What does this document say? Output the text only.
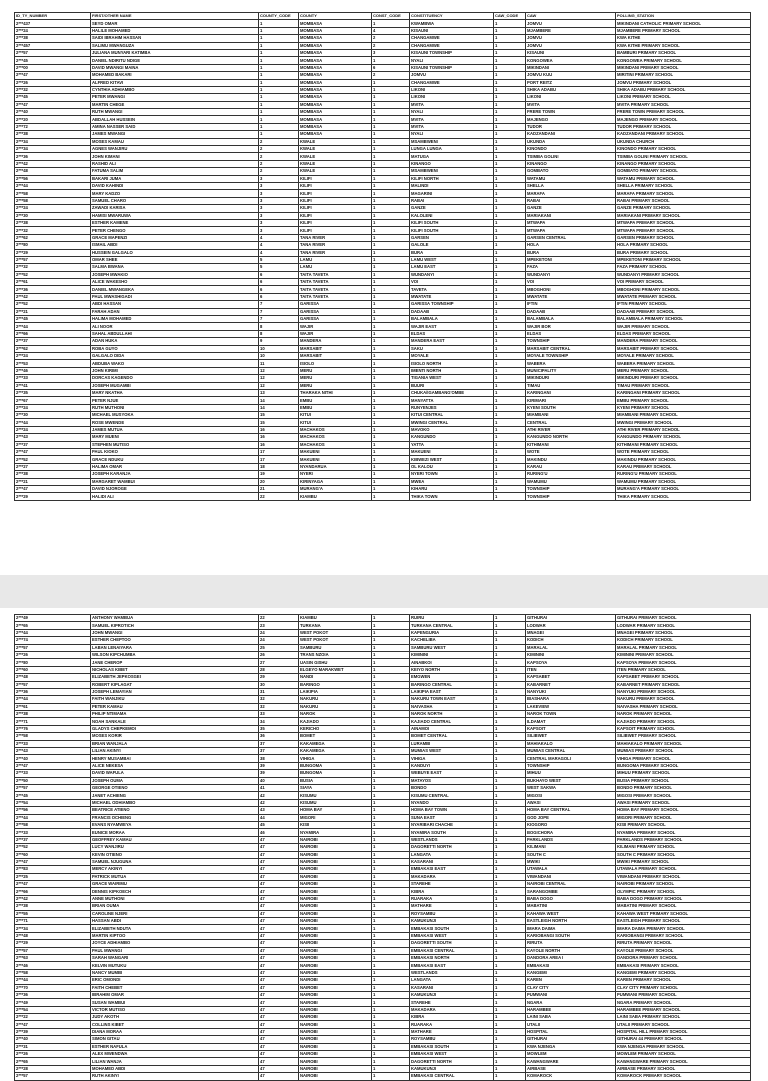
ID_TY_NUMBER	FIRST/OTHER NAME	COUNTY_CODE	COUNTY	CONST_CODE	CONSTITUENCY	CAW_CODE	CAW	POLLING_STATION
2***437	SEYD OMAR	1	MOMBASA	1	KWAMBWA	1	JOMVU	MIKINDANI CATHOLIC PRIMARY SCHOOL
2***24	HALILE MOHAMED	1	MOMBASA	4	KISAUNI	1	MJAMBERE	MJAMBERE PRIMARY SCHOOL
2***38	SAIDI IBRAHIM HASSAN	1	MOMBASA	2	CHANGAMWE	1	JOMVU	KWA KITHE
2***457	SALIMU MWANGUZA	1	MOMBASA	2	CHANGAMWE	1	JOMVU	KWA KITHE PRIMARY SCHOOL
2***57	JULIANA MUNYARI KATIMBA	1	MOMBASA	3	KISAUNI TOWNSHIP	1	KISAUNI	BAMBURI PRIMARY SCHOOL
2***45	DANIEL NDIRITU NDIGE	1	MOMBASA	1	NYALI	1	KONGOWEA	KONGOWEA PRIMARY SCHOOL
2***00	DAVID MWANGI MAINA	1	MOMBASA	6	KISAUNI TOWNSHIP	1	MIKINDANI	MIKINDANI PRIMARY SCHOOL
2***47	MOHAMED BAKARI	1	MOMBASA	2	JOMVU	1	JOMVU KUU	MIRITINI PRIMARY SCHOOL
2***26	ALFRED KITAVI	1	MOMBASA	1	CHANGAMWE	1	PORT REITZ	JOMVU PRIMARY SCHOOL
2***32	CYNTHIA ADHIAMBO	1	MOMBASA	1	LIKONI	1	SHIKA ADABU	SHIKA ADABU PRIMARY SCHOOL
2***45	PETER MWANGI	1	MOMBASA	1	LIKONI	1	LIKONI	LIKONI PRIMARY SCHOOL
2***47	MARTIN CHEGE	1	MOMBASA	1	MVITA	1	MVITA	MVITA PRIMARY SCHOOL
2***40	RUTH MWANGI	1	MOMBASA	1	NYALI	1	FRERE TOWN	FRERE TOWN PRIMARY SCHOOL
2***20	ABDALLAH HUSSEIN	1	MOMBASA	1	MVITA	1	MAJENGO	MAJENGO PRIMARY SCHOOL
2***72	AMINA NASSER SAID	1	MOMBASA	1	MVITA	1	TUDOR	TUDOR PRIMARY SCHOOL
2***38	JAMES MWANGI	1	MOMBASA	1	NYALI	1	KADZANDANI	KADZANDANI PRIMARY SCHOOL
2***34	MOSES KAMAU	2	KWALE	1	MSAMBWENI	1	UKUNDA	UKUNDA CHURCH
2***34	AGNES WANJIRU	2	KWALE	1	LUNGA LUNGA	1	KINONDO	KINONDO PRIMARY SCHOOL
2***36	JOHN KIMANI	2	KWALE	1	MATUGA	1	TSIMBA GOLINI	TSIMBA GOLINI PRIMARY SCHOOL
2***42	RASHID ALI	2	KWALE	1	KINANGO	1	KINANGO	KINANGO PRIMARY SCHOOL
2***48	FATUMA SALIM	2	KWALE	1	MSAMBWENI	1	GOMBATO	GOMBATO PRIMARY SCHOOL
2***56	BAKARI JUMA	3	KILIFI	1	KILIFI NORTH	1	WATAMU	WATAMU PRIMARY SCHOOL
2***44	DAVID KAHINDI	3	KILIFI	1	MALINDI	1	SHELLA	SHELLA PRIMARY SCHOOL
2***58	MARY KADZO	3	KILIFI	1	MAGARINI	1	MARAFA	MARAFA PRIMARY SCHOOL
2***58	SAMUEL CHARO	3	KILIFI	1	RABAI	1	RABAI	RABAI PRIMARY SCHOOL
2***24	ZAWADI KARISA	3	KILIFI	1	GANZE	1	GANZE	GANZE PRIMARY SCHOOL
2***30	HAMISI MWARUWA	3	KILIFI	1	KALOLENI	1	MARIAKANI	MARIAKANI PRIMARY SCHOOL
2***38	ESTHER KAMENE	3	KILIFI	1	KILIFI SOUTH	1	MTWAPA	MTWAPA PRIMARY SCHOOL
2***32	PETER CHENGO	3	KILIFI	1	KILIFI SOUTH	1	MTWAPA	MTWAPA PRIMARY SCHOOL
2***62	GRACE MAPENZI	4	TANA RIVER	1	GARSEN	1	GARSEN CENTRAL	GARSEN PRIMARY SCHOOL
2***80	ISMAIL ABDI	4	TANA RIVER	1	GALOLE	1	HOLA	HOLA PRIMARY SCHOOL
2***29	HUSSEIN GALGALO	4	TANA RIVER	1	BURA	1	BURA	BURA PRIMARY SCHOOL
2***57	OMAR SHEE	5	LAMU	1	LAMU WEST	1	MPEKETONI	MPEKETONI PRIMARY SCHOOL
2***32	SALMA BWANA	5	LAMU	1	LAMU EAST	1	FAZA	FAZA PRIMARY SCHOOL
2***52	JOSEPH MWAKIO	6	TAITA TAVETA	1	WUNDANYI	1	WUNDANYI	WUNDANYI PRIMARY SCHOOL
2***61	ALICE WAKESHO	6	TAITA TAVETA	1	VOI	1	VOI	VOI PRIMARY SCHOOL
2***36	DANIEL MWANGEKA	6	TAITA TAVETA	1	TAVETA	1	MBOGHONI	MBOGHONI PRIMARY SCHOOL
2***42	PAUL MWASHIGADI	6	TAITA TAVETA	1	MWATATE	1	MWATATE	MWATATE PRIMARY SCHOOL
2***52	ABDI HASSAN	7	GARISSA	1	GARISSA TOWNSHIP	1	IFTIN	IFTIN PRIMARY SCHOOL
2***21	FARAH ADAN	7	GARISSA	1	DADAAB	1	DADAAB	DADAAB PRIMARY SCHOOL
2***45	HALIMA MOHAMED	7	GARISSA	1	BALAMBALA	1	BALAMBALA	BALAMBALA PRIMARY SCHOOL
2***44	ALI NOOR	8	WAJIR	1	WAJIR EAST	1	WAJIR BOR	WAJIR PRIMARY SCHOOL
2***66	SAHAL ABDULLAHI	8	WAJIR	1	ELDAS	1	ELDAS	ELDAS PRIMARY SCHOOL
2***37	ADAN HUKA	9	MANDERA	1	MANDERA EAST	1	TOWNSHIP	MANDERA PRIMARY SCHOOL
2***62	ROBA GUYO	10	MARSABIT	1	SAKU	1	MARSABIT CENTRAL	MARSABIT PRIMARY SCHOOL
2***24	GALGALO DIDA	10	MARSABIT	1	MOYALE	1	MOYALE TOWNSHIP	MOYALE PRIMARY SCHOOL
2***53	ABDUBA WAKO	11	ISIOLO	1	ISIOLO NORTH	1	WABERA	WABERA PRIMARY SCHOOL
2***46	JOHN KIRIMI	12	MERU	1	IMENTI NORTH	1	MUNICIPALITY	MERU PRIMARY SCHOOL
2***33	DORCAS KAGENDO	12	MERU	1	TIGANIA WEST	1	MIKINDURI	MIKINDURI PRIMARY SCHOOL
2***41	JOSEPH MUGAMBI	12	MERU	1	BUURI	1	TIMAU	TIMAU PRIMARY SCHOOL
2***35	MARY NKATHA	13	THARAKA NITHI	1	CHUKA/IGAMBANG'OMBE	1	KARINGANI	KARINGANI PRIMARY SCHOOL
2***67	PETER NJUE	14	EMBU	1	MANYATTA	1	KIRIMARI	EMBU PRIMARY SCHOOL
2***24	RUTH MUTHONI	14	EMBU	1	RUNYENJES	1	KYENI SOUTH	KYENI PRIMARY SCHOOL
2***30	MICHAEL MUSYOKA	15	KITUI	1	KITUI CENTRAL	1	MIAMBANI	MIAMBANI PRIMARY SCHOOL
2***44	ROSE MWENDE	15	KITUI	1	MWINGI CENTRAL	1	CENTRAL	MWINGI PRIMARY SCHOOL
2***24	JAMES MUTUA	16	MACHAKOS	1	MAVOKO	1	ATHI RIVER	ATHI RIVER PRIMARY SCHOOL
2***43	MARY MUENI	16	MACHAKOS	1	KANGUNDO	1	KANGUNDO NORTH	KANGUNDO PRIMARY SCHOOL
2***37	STEPHEN MUTISO	16	MACHAKOS	1	YATTA	1	KITHIMANI	KITHIMANI PRIMARY SCHOOL
2***47	PAUL KIOKO	17	MAKUENI	1	MAKUENI	1	WOTE	WOTE PRIMARY SCHOOL
2***52	GRACE NDUKU	17	MAKUENI	1	KIBWEZI WEST	1	MAKINDU	MAKINDU PRIMARY SCHOOL
2***27	HALIMA OMAR	18	NYANDARUA	1	OL KALOU	1	KARAU	KARAU PRIMARY SCHOOL
2***38	JOSEPH KARANJA	19	NYERI	1	NYERI TOWN	1	RURING'U	RURING'U PRIMARY SCHOOL
2***21	MARGARET WAMBUI	20	KIRINYAGA	1	MWEA	1	WAMUMU	WAMUMU PRIMARY SCHOOL
2***47	DAVID NJOROGE	21	MURANG'A	1	KIHARU	1	TOWNSHIP	MURANG'A PRIMARY SCHOOL
2***29	HALIDI ALI	22	KIAMBU	1	THIKA TOWN	1	TOWNSHIP	THIKA PRIMARY SCHOOL
2***49	ANTHONY WAMBUA	22	KIAMBU	1	RUIRU	1	GITHURAI	GITHURAI PRIMARY SCHOOL
2***65	SAMUEL KIPROTICH	23	TURKANA	1	TURKANA CENTRAL	1	LODWAR	LODWAR PRIMARY SCHOOL
2***44	JOHN MWANGI	24	WEST POKOT	1	KAPENGURIA	1	MNAGEI	MNAGEI PRIMARY SCHOOL
2***74	ESTHER CHEPTOO	24	WEST POKOT	1	KACHELIBA	1	KODICH	KODICH PRIMARY SCHOOL
2***57	LABAN LENAIYARA	25	SAMBURU	1	SAMBURU WEST	1	MARALAL	MARALAL PRIMARY SCHOOL
2***26	WILSON KIPCHUMBA	26	TRANS NZOIA	1	KIMININI	1	KIMININI	KIMININI PRIMARY SCHOOL
2***80	JANE CHEROP	27	UASIN GISHU	1	AINABKOI	1	KAPSOYA	KAPSOYA PRIMARY SCHOOL
2***60	NICHOLAS KIBET	28	ELGEYO MARAKWET	1	KEIYO NORTH	1	ITEN	ITEN PRIMARY SCHOOL
2***48	ELIZABETH JEPKOSGEI	29	NANDI	1	EMGWEN	1	KAPSABET	KAPSABET PRIMARY SCHOOL
2***57	ROBERT KIPLAGAT	30	BARINGO	1	BARINGO CENTRAL	1	KABARNET	KABARNET PRIMARY SCHOOL
2***36	JOSEPH LEMAYIAN	31	LAIKIPIA	1	LAIKIPIA EAST	1	NANYUKI	NANYUKI PRIMARY SCHOOL
2***44	FAITH WANJIKU	32	NAKURU	1	NAKURU TOWN EAST	1	BIASHARA	NAKURU PRIMARY SCHOOL
2***61	PETER KAMAU	32	NAKURU	1	NAIVASHA	1	LAKEVIEW	NAIVASHA PRIMARY SCHOOL
2***38	PHILIP NTIMAMA	33	NAROK	1	NAROK NORTH	1	NAROK TOWN	NAROK PRIMARY SCHOOL
2***71	NOAH SANKALE	34	KAJIADO	1	KAJIADO CENTRAL	1	ILDAMAT	KAJIADO PRIMARY SCHOOL
2***76	GLADYS CHEPKEMOI	35	KERICHO	1	AINAMOI	1	KAPSOIT	KAPSOIT PRIMARY SCHOOL
2***58	MOSES KORIR	36	BOMET	1	BOMET CENTRAL	1	SILIBWET	SILIBWET PRIMARY SCHOOL
2***33	BRIAN WANJALA	37	KAKAMEGA	1	LURAMBI	1	MAHIAKALO	MAHIAKALO PRIMARY SCHOOL
2***43	LILIAN AKINYI	37	KAKAMEGA	1	MUMIAS WEST	1	MUMIAS CENTRAL	MUMIAS PRIMARY SCHOOL
2***40	HENRY MUSAMBAI	38	VIHIGA	1	VIHIGA	1	CENTRAL MARAGOLI	VIHIGA PRIMARY SCHOOL
2***47	ALICE NEKESA	39	BUNGOMA	1	KANDUYI	1	TOWNSHIP	BUNGOMA PRIMARY SCHOOL
2***33	DAVID WAFULA	39	BUNGOMA	1	WEBUYE EAST	1	MIHUU	MIHUU PRIMARY SCHOOL
2***50	JOSEPH OUMA	40	BUSIA	1	MATAYOS	1	BUKHAYO WEST	BUSIA PRIMARY SCHOOL
2***57	GEORGE OTIENO	41	SIAYA	1	BONDO	1	WEST SAKWA	BONDO PRIMARY SCHOOL
2***45	JANET ACHIENG	42	KISUMU	1	KISUMU CENTRAL	1	MIGOSI	MIGOSI PRIMARY SCHOOL
2***54	MICHAEL ODHIAMBO	42	KISUMU	1	NYANDO	1	AWASI	AWASI PRIMARY SCHOOL
2***56	BEATRICE ATIENO	43	HOMA BAY	1	HOMA BAY TOWN	1	HOMA BAY CENTRAL	HOMA BAY PRIMARY SCHOOL
2***44	FRANCIS OCHIENG	44	MIGORI	1	SUNA EAST	1	GOD JOPE	MIGORI PRIMARY SCHOOL
2***58	EVANS NYAMWEYA	45	KISII	1	NYARIBARI CHACHE	1	KIOGORO	KISII PRIMARY SCHOOL
2***33	EUNICE MORAA	46	NYAMIRA	1	NYAMIRA SOUTH	1	BOGICHORA	NYAMIRA PRIMARY SCHOOL
2***37	GEOFFREY KAMAU	47	NAIROBI	1	WESTLANDS	1	PARKLANDS	PARKLANDS PRIMARY SCHOOL
2***52	LUCY WANJIRU	47	NAIROBI	1	DAGORETTI NORTH	1	KILIMANI	KILIMANI PRIMARY SCHOOL
2***60	KEVIN OTIENO	47	NAIROBI	1	LANGATA	1	SOUTH C	SOUTH C PRIMARY SCHOOL
2***47	SAMUEL NJUGUNA	47	NAIROBI	1	KASARANI	1	MWIKI	MWIKI PRIMARY SCHOOL
2***83	MERCY AKINYI	47	NAIROBI	1	EMBAKASI EAST	1	UTAWALA	UTAWALA PRIMARY SCHOOL
2***25	PATRICK MUTUA	47	NAIROBI	1	MAKADARA	1	VIWANDANI	VIWANDANI PRIMARY SCHOOL
2***47	GRACE WAIRIMU	47	NAIROBI	1	STAREHE	1	NAIROBI CENTRAL	NAIROBI PRIMARY SCHOOL
2***66	DENNIS KIPKOECH	47	NAIROBI	1	KIBRA	1	SARANGOMBE	OLYMPIC PRIMARY SCHOOL
2***42	ANNE MUTHONI	47	NAIROBI	1	RUARAKA	1	BABA DOGO	BABA DOGO PRIMARY SCHOOL
2***38	BRIAN OUMA	47	NAIROBI	1	MATHARE	1	MABATINI	MABATINI PRIMARY SCHOOL
2***55	CAROLINE NJERI	47	NAIROBI	1	ROYSAMBU	1	KAHAWA WEST	KAHAWA WEST PRIMARY SCHOOL
2***71	HASSAN ABDI	47	NAIROBI	1	KAMUKUNJI	1	EASTLEIGH NORTH	EASTLEIGH PRIMARY SCHOOL
2***34	ELIZABETH NDUTA	47	NAIROBI	1	EMBAKASI SOUTH	1	IMARA DAIMA	IMARA DAIMA PRIMARY SCHOOL
2***48	MARTIN KIPTOO	47	NAIROBI	1	EMBAKASI WEST	1	KARIOBANGI SOUTH	KARIOBANGI PRIMARY SCHOOL
2***29	JOYCE ADHIAMBO	47	NAIROBI	1	DAGORETTI SOUTH	1	RIRUTA	RIRUTA PRIMARY SCHOOL
2***57	PAUL MWANGI	47	NAIROBI	1	EMBAKASI CENTRAL	1	KAYOLE NORTH	KAYOLE PRIMARY SCHOOL
2***63	SARAH WANGARI	47	NAIROBI	1	EMBAKASI NORTH	1	DANDORA AREA I	DANDORA PRIMARY SCHOOL
2***46	KELVIN MUTUKU	47	NAIROBI	1	EMBAKASI EAST	1	EMBAKASI	EMBAKASI PRIMARY SCHOOL
2***58	NANCY MUMBI	47	NAIROBI	1	WESTLANDS	1	KANGEMI	KANGEMI PRIMARY SCHOOL
2***44	ERIC OMONDI	47	NAIROBI	1	LANGATA	1	KAREN	KAREN PRIMARY SCHOOL
2***70	FAITH CHEBET	47	NAIROBI	1	KASARANI	1	CLAY CITY	CLAY CITY PRIMARY SCHOOL
2***36	IBRAHIM OMAR	47	NAIROBI	1	KAMUKUNJI	1	PUMWANI	PUMWANI PRIMARY SCHOOL
2***49	SUSAN WAMBUI	47	NAIROBI	1	STAREHE	1	NGARA	NGARA PRIMARY SCHOOL
2***54	VICTOR MUTISO	47	NAIROBI	1	MAKADARA	1	HARAMBEE	HARAMBEE PRIMARY SCHOOL
2***22	JUDY AKOTH	47	NAIROBI	1	KIBRA	1	LAINI SABA	LAINI SABA PRIMARY SCHOOL
2***47	COLLINS KIBET	47	NAIROBI	1	RUARAKA	1	UTALII	UTALII PRIMARY SCHOOL
2***39	DIANA MORAA	47	NAIROBI	1	MATHARE	1	HOSPITAL	HOSPITAL HILL PRIMARY SCHOOL
2***40	SIMON GITAU	47	NAIROBI	1	ROYSAMBU	1	GITHURAI	GITHURAI 44 PRIMARY SCHOOL
2***31	ESTHER NAFULA	47	NAIROBI	1	EMBAKASI SOUTH	1	KWA NJENGA	KWA NJENGA PRIMARY SCHOOL
2***26	ALEX MWENDWA	47	NAIROBI	1	EMBAKASI WEST	1	MOWLEM	MOWLEM PRIMARY SCHOOL
2***65	LILIAN WANJA	47	NAIROBI	1	DAGORETTI NORTH	1	KAWANGWARE	KAWANGWARE PRIMARY SCHOOL
2***28	MOHAMED ABDI	47	NAIROBI	1	KAMUKUNJI	1	AIRBASE	AIRBASE PRIMARY SCHOOL
2***57	RUTH AKINYI	47	NAIROBI	1	EMBAKASI CENTRAL	1	KOMAROCK	KOMAROCK PRIMARY SCHOOL
